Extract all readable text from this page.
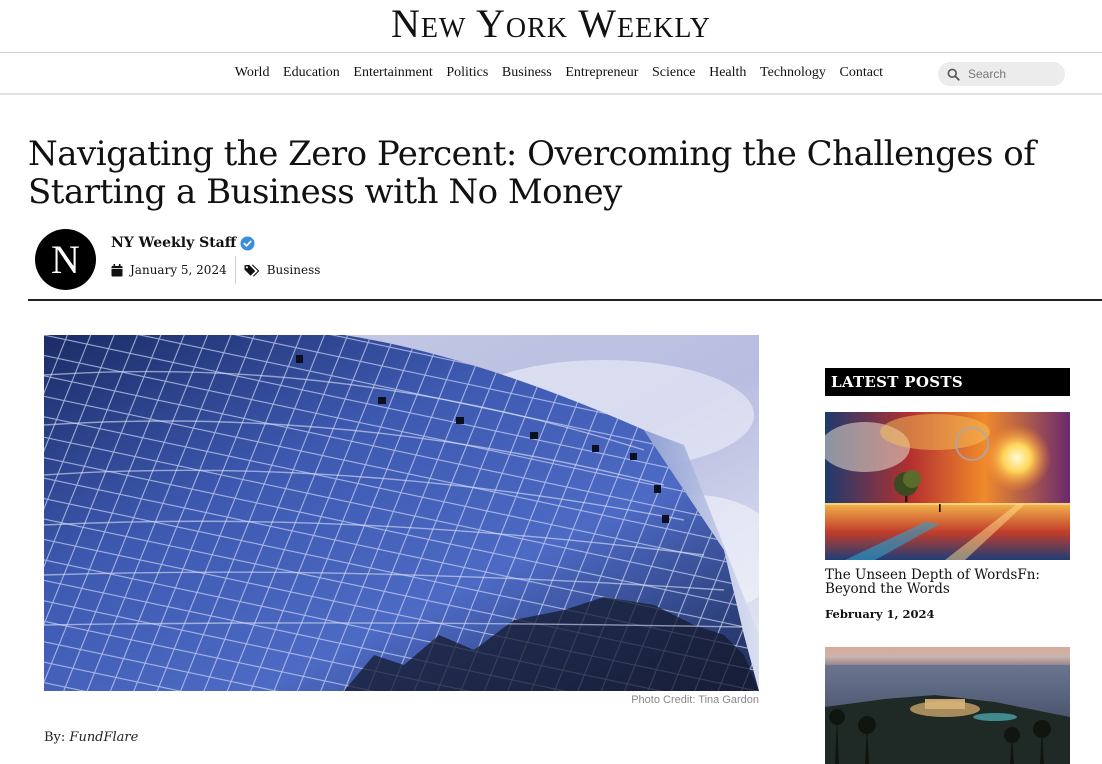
New York Weekly
World Education Entertainment Politics Business Entrepreneur Science Health Technology Contact
Search
Navigating the Zero Percent: Overcoming the Challenges of Starting a Business with No Money
N NY Weekly Staff
January 5, 2024	Business
Photo Credit: Tina Gardon
By: FundFlare
LATEST POSTS
The Unseen Depth of WordsFn: Beyond the Words
February 1, 2024
